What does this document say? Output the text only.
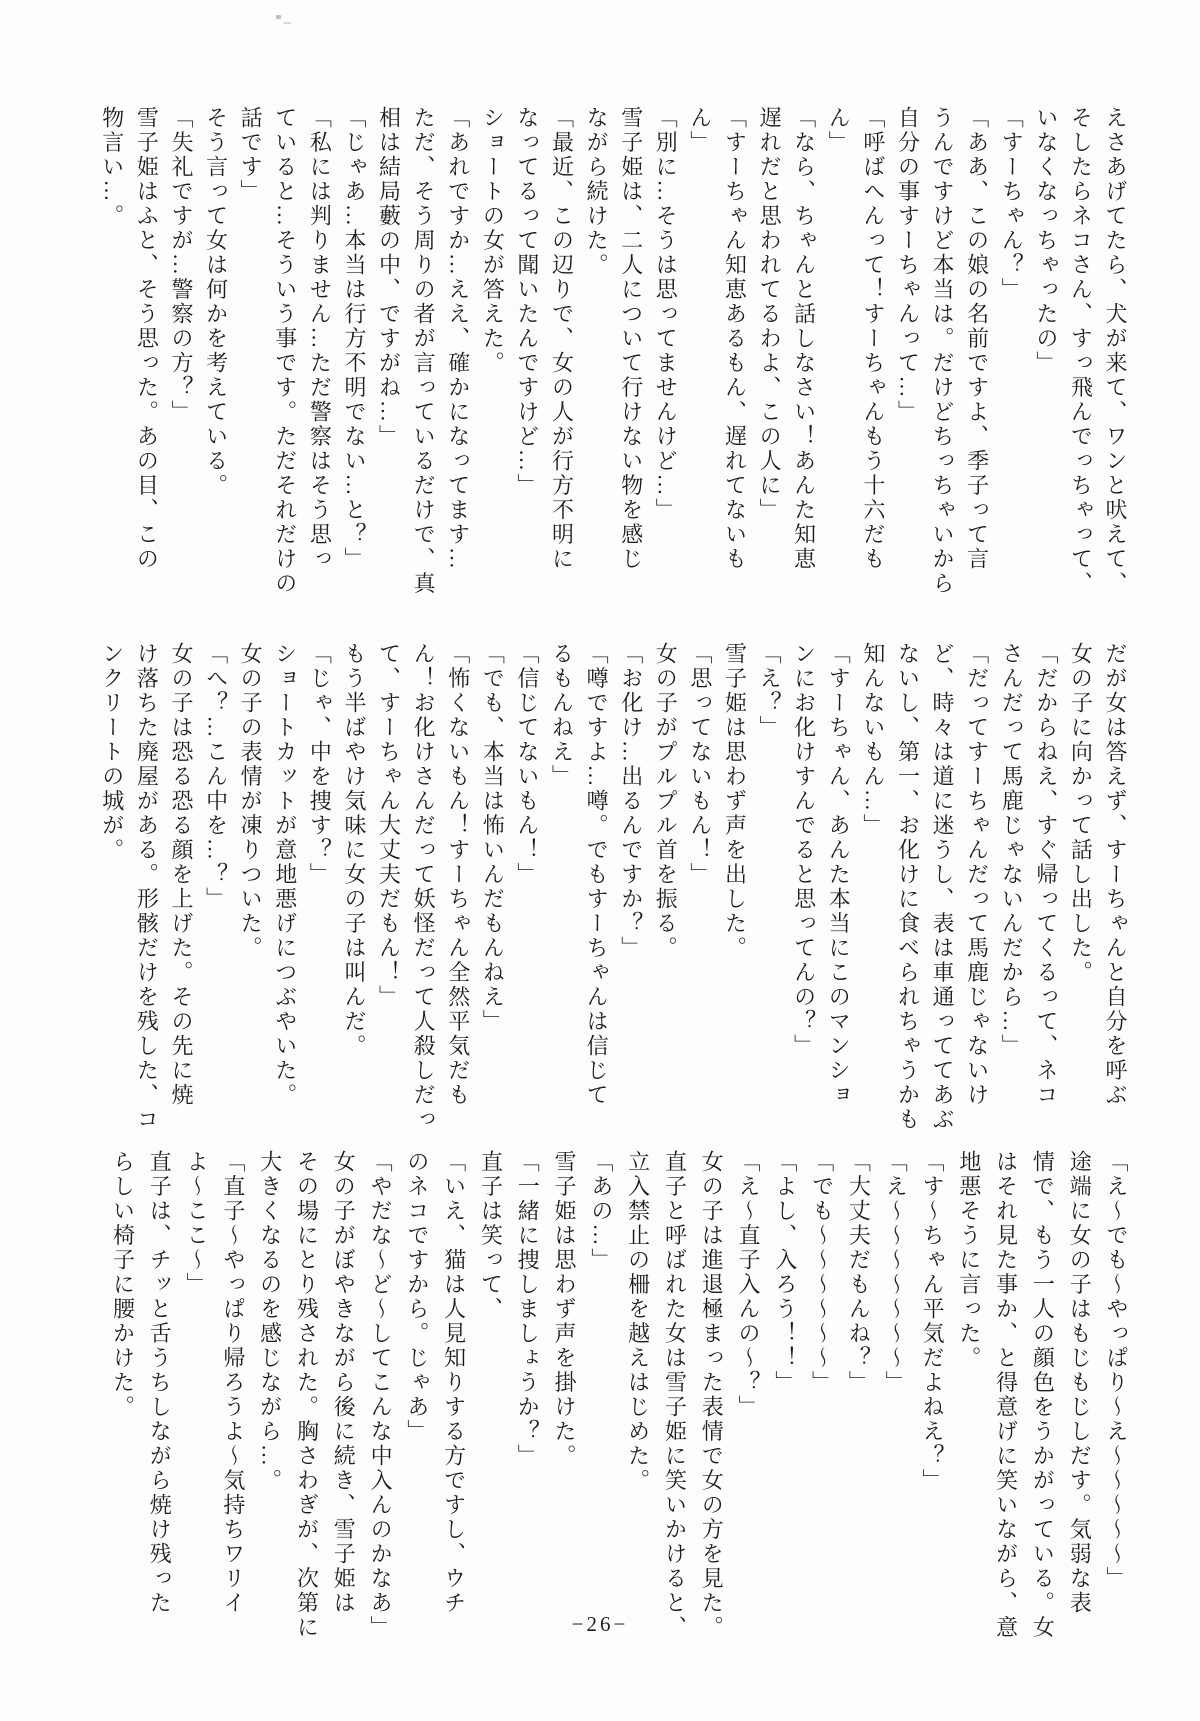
えさあげてたら、犬が来て、ワンと吠えて、

そしたらネコさん、すっ飛んでっちゃって、

いなくなっちゃったの」

「すーちゃん？」

「ああ、この娘の名前ですよ、季子って言

うんですけど本当は。だけどちっちゃいから

自分の事すーちゃんって…」

「呼ばへんって！すーちゃんもう十六だも

ん」

「なら、ちゃんと話しなさい！あんた知恵

遅れだと思われてるわよ、この人に」

「すーちゃん知恵あるもん、遅れてないも

ん」

「別に…そうは思ってませんけど…」

雪子姫は、二人について行けない物を感じ

ながら続けた。

「最近、この辺りで、女の人が行方不明に

なってるって聞いたんですけど…」

ショートの女が答えた。

「あれですか…ええ、確かになってます…

ただ、そう周りの者が言っているだけで、真

相は結局藪の中、ですがね…」

「じゃあ…本当は行方不明でない…と？」

「私には判りません…ただ警察はそう思っ

ていると…そういう事です。ただそれだけの

話です」

そう言って女は何かを考えている。

「失礼ですが…警察の方？」

雪子姫はふと、そう思った。あの目、この

物言い…。

だが女は答えず、すーちゃんと自分を呼ぶ

女の子に向かって話し出した。

「だからねえ、すぐ帰ってくるって、ネコ

さんだって馬鹿じゃないんだから…」

「だってすーちゃんだって馬鹿じゃないけ

ど、時々は道に迷うし、表は車通っててあぶ

ないし、第一、お化けに食べられちゃうかも

知んないもん…」

「すーちゃん、あんた本当にこのマンショ

ンにお化けすんでると思ってんの？」

「え？」

雪子姫は思わず声を出した。

「思ってないもん！」

女の子がプルプル首を振る。

「お化け…出るんですか？」

「噂ですよ…噂。でもすーちゃんは信じて

るもんねえ」

「信じてないもん！」

「でも、本当は怖いんだもんねえ」

「怖くないもん！すーちゃん全然平気だも

ん！お化けさんだって妖怪だって人殺しだっ

て、すーちゃん大丈夫だもん！」

もう半ばやけ気味に女の子は叫んだ。

「じゃ、中を捜す？」

ショートカットが意地悪げにつぶやいた。

女の子の表情が凍りついた。

「へ？…こん中を…？」

女の子は恐る恐る顔を上げた。その先に焼

け落ちた廃屋がある。形骸だけを残した、コ

ンクリートの城が。

「え〜でも〜やっぱり〜え〜〜〜〜〜」

途端に女の子はもじもじしだす。気弱な表

情で、もう一人の顔色をうかがっている。女

はそれ見た事か、と得意げに笑いながら、意

地悪そうに言った。

「す〜ちゃん平気だよねえ？」

「え〜〜〜〜〜〜〜」

「大丈夫だもんね？」

「でも〜〜〜〜〜〜」

「よし、入ろう！！」

「え〜直子入んの〜？」

女の子は進退極まった表情で女の方を見た。

直子と呼ばれた女は雪子姫に笑いかけると、

立入禁止の柵を越えはじめた。

「あの…」

雪子姫は思わず声を掛けた。

「一緒に捜しましょうか？」

直子は笑って、

「いえ、猫は人見知りする方ですし、ウチ

のネコですから。じゃあ」

「やだな〜ど〜してこんな中入んのかなあ」

女の子がぼやきながら後に続き、雪子姫は

その場にとり残された。胸さわぎが、次第に

大きくなるのを感じながら…。

「直子〜やっぱり帰ろうよ〜気持ちワリイ

よ〜ここ〜」

直子は、チッと舌うちしながら焼け残った

らしい椅子に腰かけた。

−26−
